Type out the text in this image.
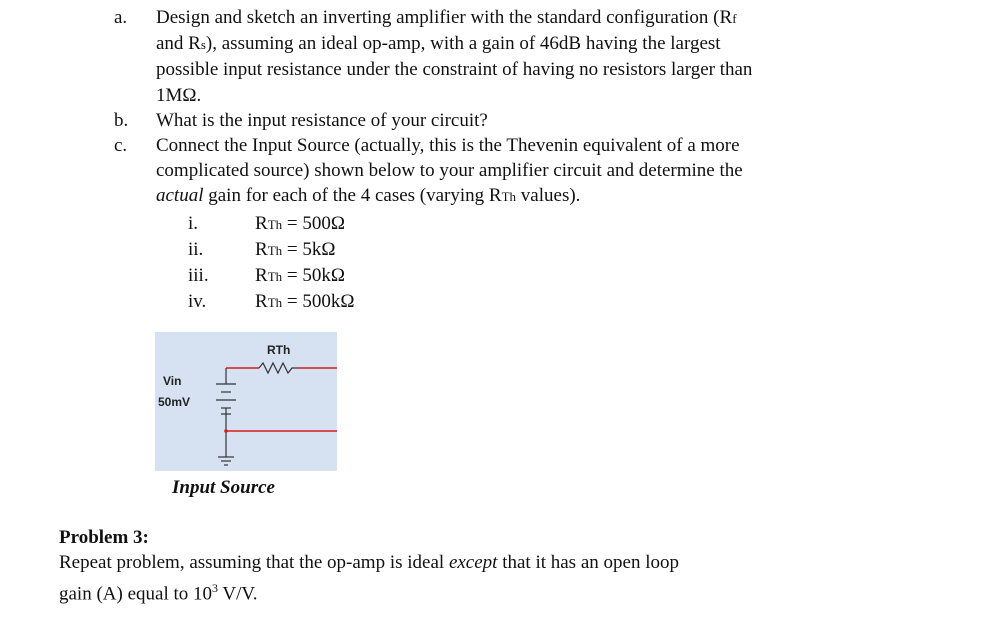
a. Design and sketch an inverting amplifier with the standard configuration (Rf
and Rs), assuming an ideal op-amp, with a gain of 46dB having the largest
possible input resistance under the constraint of having no resistors larger than
1MΩ.
b. What is the input resistance of your circuit?
c. Connect the Input Source (actually, this is the Thevenin equivalent of a more
complicated source) shown below to your amplifier circuit and determine the
actual gain for each of the 4 cases (varying RTh values).
i.	RTh = 500Ω
ii.	RTh = 5kΩ
iii. RTh = 50kΩ
iv.	RTh = 500kΩ
RTh
Vin
50mV
Input Source
Problem 3:
Repeat problem, assuming that the op-amp is ideal except that it has an open loop
gain (A) equal to $10^3$ V/V.
